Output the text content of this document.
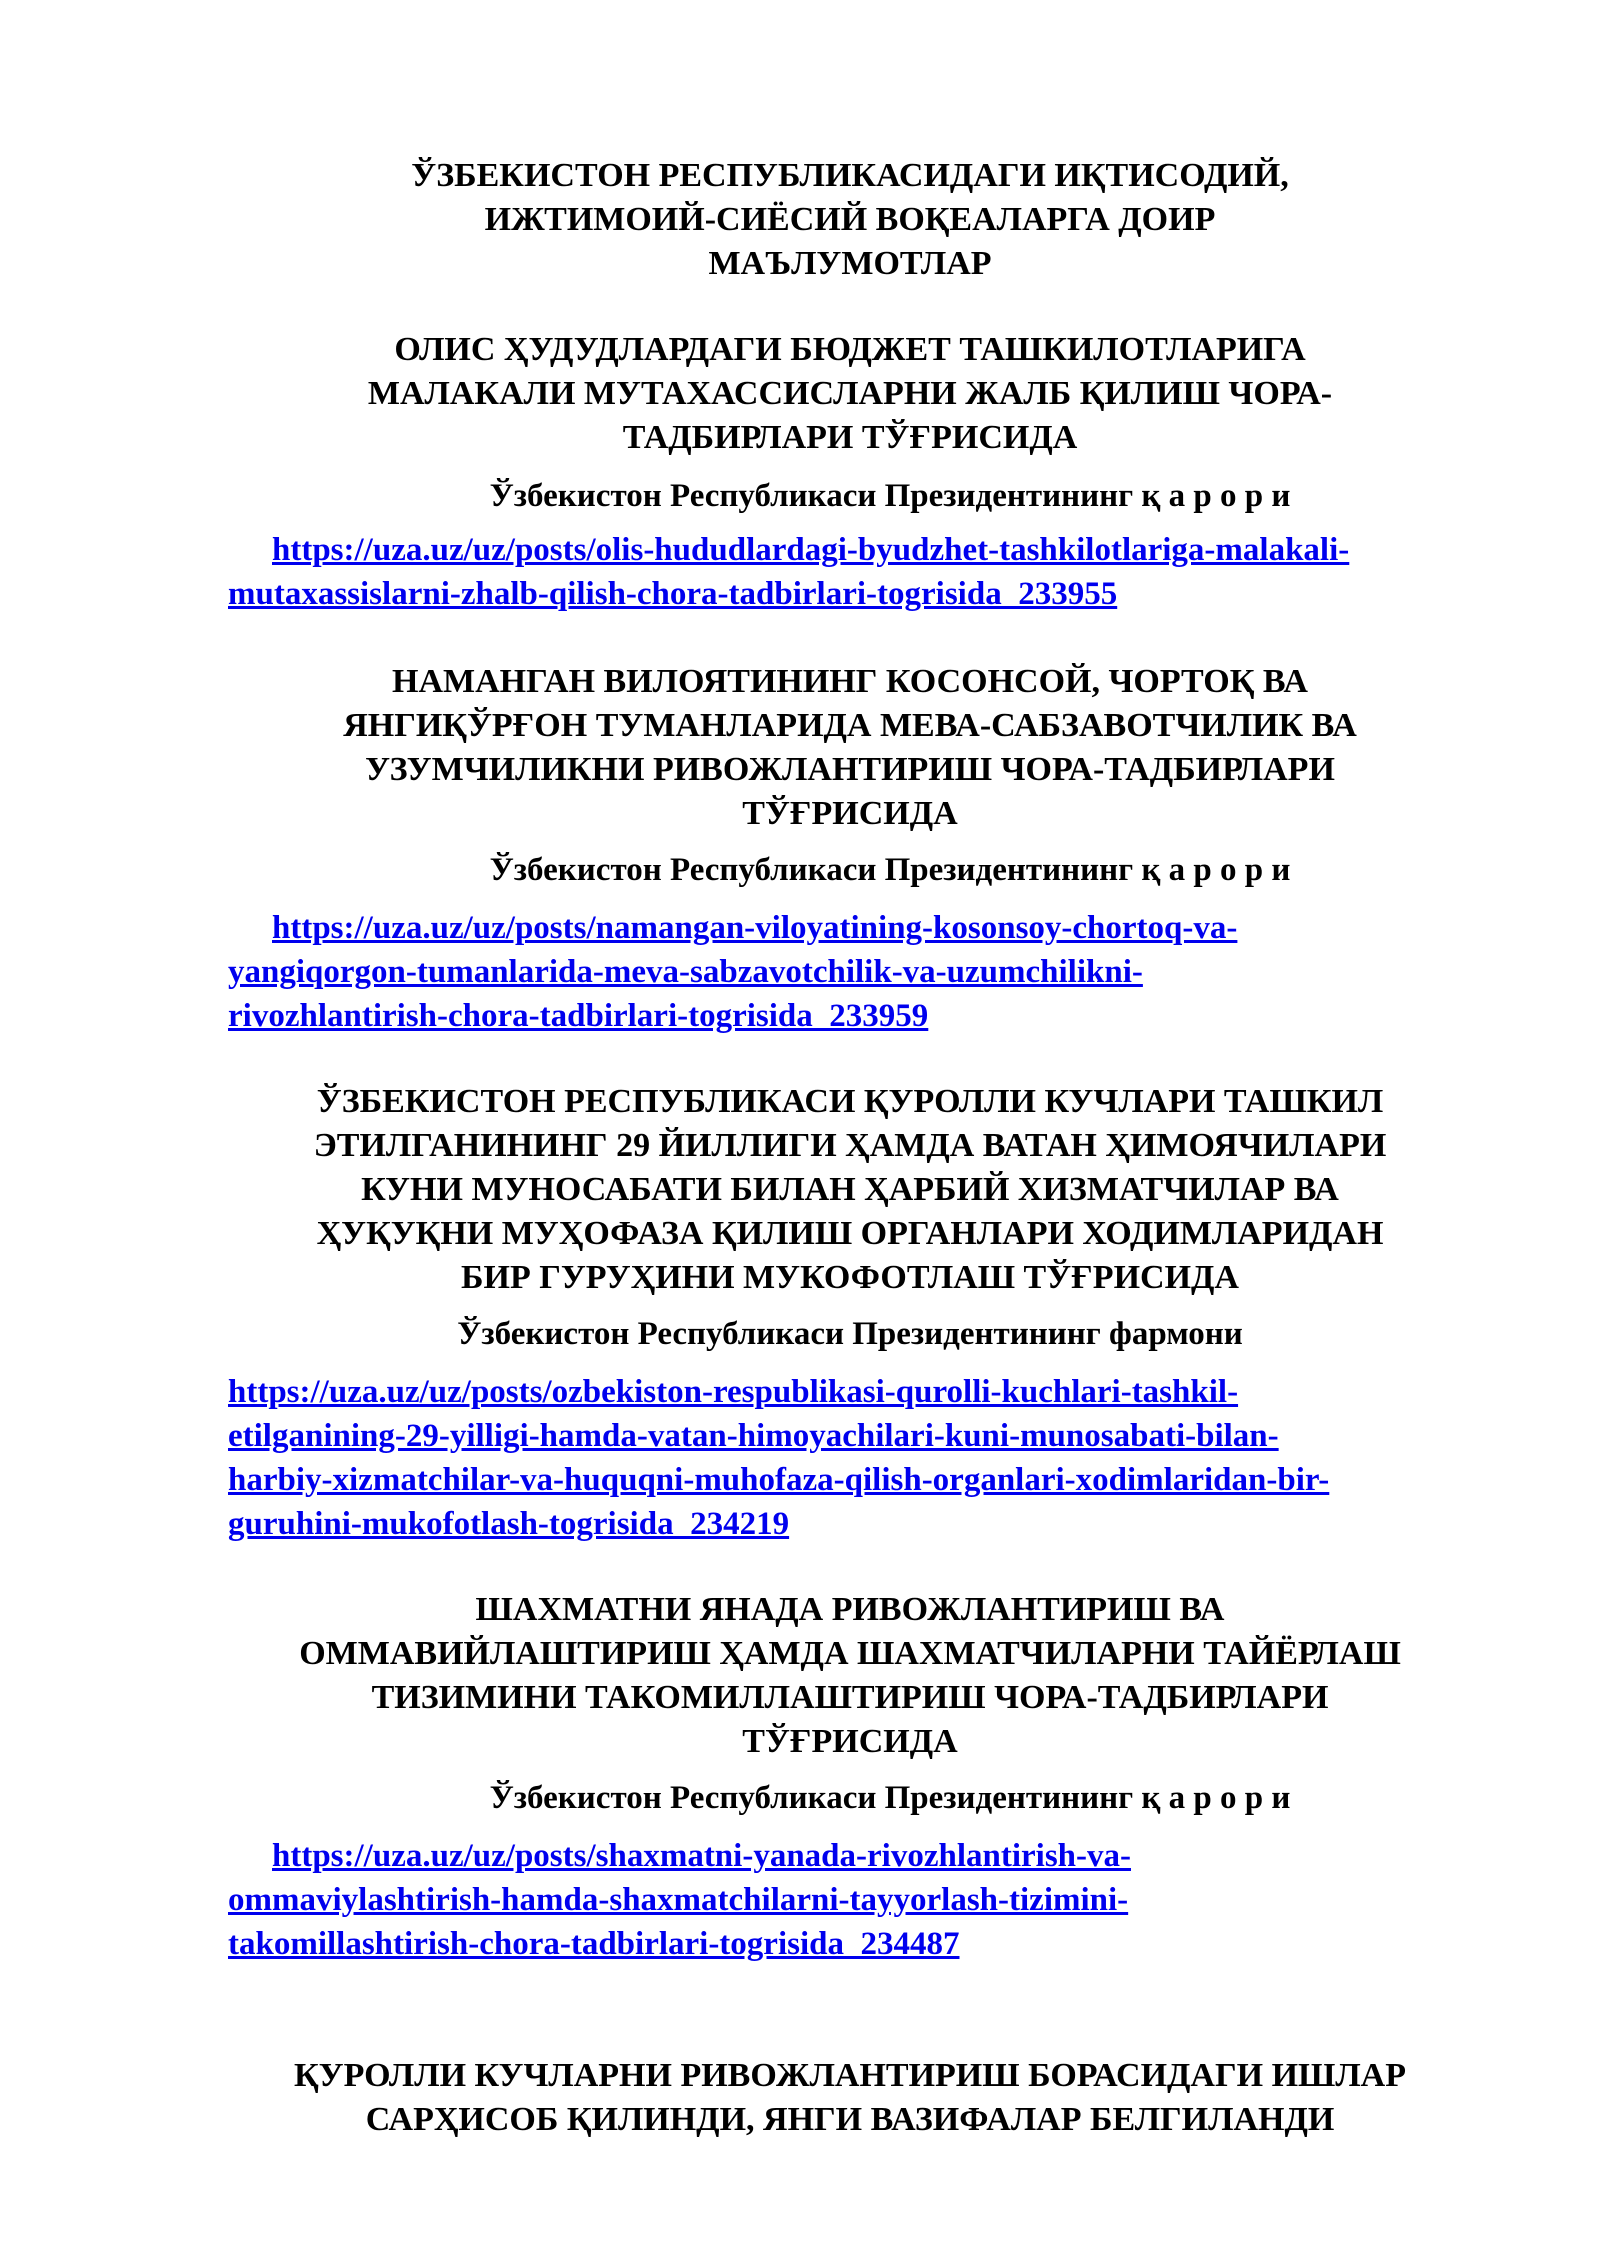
ЎЗБЕКИСТОН РЕСПУБЛИКАСИДАГИ ИҚТИСОДИЙ,
ИЖТИМОИЙ-СИЁСИЙ ВОҚЕАЛАРГА ДОИР
МАЪЛУМОТЛАР
ОЛИС ҲУДУДЛАРДАГИ БЮДЖЕТ ТАШКИЛОТЛАРИГА
МАЛАКАЛИ МУТАХАССИСЛАРНИ ЖАЛБ ҚИЛИШ ЧОРА-
ТАДБИРЛАРИ ТЎҒРИСИДА

Ўзбекистон Республикаси Президентининг қ а р о р и

https://uza.uz/uz/posts/olis-hududlardagi-byudzhet-tashkilotlariga-malakali-
mutaxassislarni-zhalb-qilish-chora-tadbirlari-togrisida_233955
НАМАНГАН ВИЛОЯТИНИНГ КОСОНСОЙ, ЧОРТОҚ ВА
ЯНГИҚЎРҒОН ТУМАНЛАРИДА МЕВА-САБЗАВОТЧИЛИК ВА
УЗУМЧИЛИКНИ РИВОЖЛАНТИРИШ ЧОРА-ТАДБИРЛАРИ
ТЎҒРИСИДА

Ўзбекистон Республикаси Президентининг қ а р о р и

https://uza.uz/uz/posts/namangan-viloyatining-kosonsoy-chortoq-va-
yangiqorgon-tumanlarida-meva-sabzavotchilik-va-uzumchilikni-
rivozhlantirish-chora-tadbirlari-togrisida_233959
ЎЗБЕКИСТОН РЕСПУБЛИКАСИ ҚУРОЛЛИ КУЧЛАРИ ТАШКИЛ
ЭТИЛГАНИНИНГ 29 ЙИЛЛИГИ ҲАМДА ВАТАН ҲИМОЯЧИЛАРИ
КУНИ МУНОСАБАТИ БИЛАН ҲАРБИЙ ХИЗМАТЧИЛАР ВА
ҲУҚУҚНИ МУҲОФАЗА ҚИЛИШ ОРГАНЛАРИ ХОДИМЛАРИДАН
БИР ГУРУҲИНИ МУКОФОТЛАШ ТЎҒРИСИДА

Ўзбекистон Республикаси Президентининг фармони

https://uza.uz/uz/posts/ozbekiston-respublikasi-qurolli-kuchlari-tashkil-
etilganining-29-yilligi-hamda-vatan-himoyachilari-kuni-munosabati-bilan-
harbiy-xizmatchilar-va-huquqni-muhofaza-qilish-organlari-xodimlaridan-bir-
guruhini-mukofotlash-togrisida_234219
ШАХМАТНИ ЯНАДА РИВОЖЛАНТИРИШ ВА
ОММАВИЙЛАШТИРИШ ҲАМДА ШАХМАТЧИЛАРНИ ТАЙЁРЛАШ
ТИЗИМИНИ ТАКОМИЛЛАШТИРИШ ЧОРА-ТАДБИРЛАРИ
ТЎҒРИСИДА

Ўзбекистон Республикаси Президентининг қ а р о р и

https://uza.uz/uz/posts/shaxmatni-yanada-rivozhlantirish-va-
ommaviylashtirish-hamda-shaxmatchilarni-tayyorlash-tizimini-
takomillashtirish-chora-tadbirlari-togrisida_234487
ҚУРОЛЛИ КУЧЛАРНИ РИВОЖЛАНТИРИШ БОРАСИДАГИ ИШЛАР
САРҲИСОБ ҚИЛИНДИ, ЯНГИ ВАЗИФАЛАР БЕЛГИЛАНДИ
